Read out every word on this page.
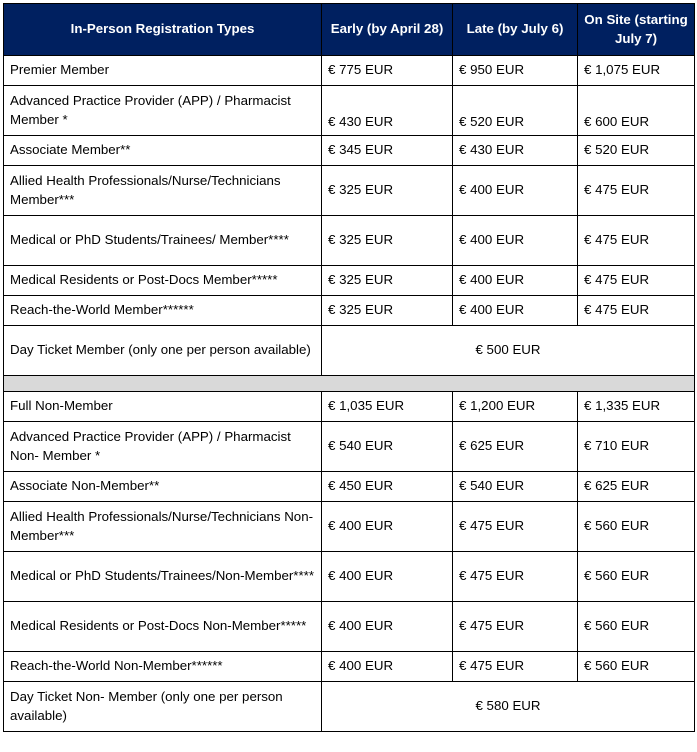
In-Person Registration Types	Early (by April 28)	Late (by July 6)	On Site (starting July 7)
Premier Member	€ 775 EUR	€ 950 EUR	€ 1,075 EUR
Advanced Practice Provider (APP) / Pharmacist Member *	€ 430 EUR	€ 520 EUR	€ 600 EUR
Associate Member**	€ 345 EUR	€ 430 EUR	€ 520 EUR
Allied Health Professionals/Nurse/Technicians Member***	€ 325 EUR	€ 400 EUR	€ 475 EUR
Medical or PhD Students/Trainees/ Member****	€ 325 EUR	€ 400 EUR	€ 475 EUR
Medical Residents or Post-Docs Member*****	€ 325 EUR	€ 400 EUR	€ 475 EUR
Reach-the-World Member******	€ 325 EUR	€ 400 EUR	€ 475 EUR
Day Ticket Member (only one per person available)	€ 500 EUR		

Full Non-Member	€ 1,035 EUR	€ 1,200 EUR	€ 1,335 EUR
Advanced Practice Provider (APP) / Pharmacist Non- Member *	€ 540 EUR	€ 625 EUR	€ 710 EUR
Associate Non-Member**	€ 450 EUR	€ 540 EUR	€ 625 EUR
Allied Health Professionals/Nurse/Technicians Non-Member***	€ 400 EUR	€ 475 EUR	€ 560 EUR
Medical or PhD Students/Trainees/Non-Member****	€ 400 EUR	€ 475 EUR	€ 560 EUR
Medical Residents or Post-Docs Non-Member*****	€ 400 EUR	€ 475 EUR	€ 560 EUR
Reach-the-World Non-Member******	€ 400 EUR	€ 475 EUR	€ 560 EUR
Day Ticket Non- Member (only one per person available)	€ 580 EUR		
